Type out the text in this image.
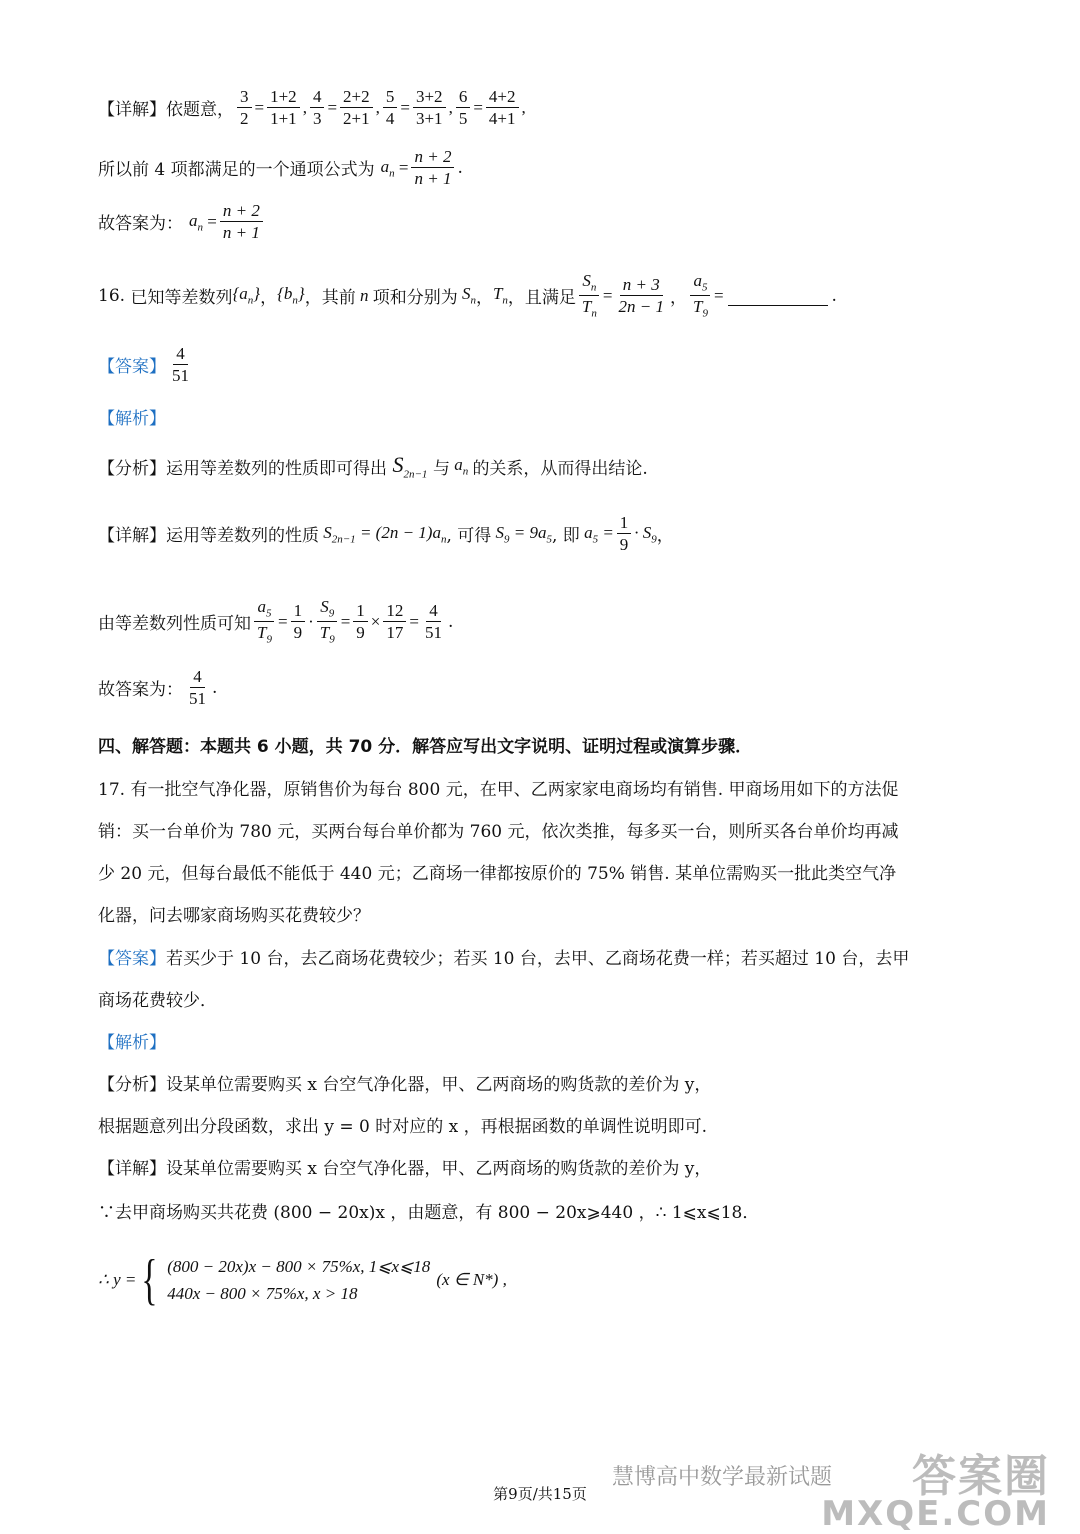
【详解】 依题意， $\frac{3}{2} = \frac{1+2}{1+1}$ , $\frac{4}{3} = \frac{2+2}{2+1}$ , $\frac{5}{4} = \frac{3+2}{3+1}$ , $\frac{6}{5} = \frac{4+2}{4+1}$ ,
所以前 4 项都满足的一个通项公式为 $a_n = \frac{n + 2}{n + 1}$ .
故答案为： $a_n = \frac{n + 2}{n + 1}$
16.
已知等差数列 $\{a_n\}$ ， $\{b_n\}$ ，其前 n 项和分别为 $S_n$ ， $T_n$ ，且满足 $\frac{S_n}{T_n} = \frac{n + 3}{2n - 1}$ ， $\frac{a_5}{T_9}$ =	.
【答案】 $\frac{4}{51}$
【解析】
【分析】 运用等差数列的性质即可得出 $S_{2n-1}$ 与 $a_n$ 的关系，从而得出结论.
【详解】 运用等差数列的性质 $S_{2n-1} = (2n - 1)a_n$ , 可得 $S_9 = 9a_5$ , 即 $a_5 = \frac{1}{9} \cdot S_9$ ，
由等差数列性质可知 $\frac{a_5}{T_9} = \frac{1}{9} \cdot \frac{S_9}{T_9} = \frac{1}{9} \times \frac{12}{17} = \frac{4}{51}$ .
故答案为： $\frac{4}{51}$ .
四、解答题：本题共 6 小题，共 70 分．解答应写出文字说明、证明过程或演算步骤．
17. 有一批空气净化器，原销售价为每台 800 元，在甲、乙两家家电商场均有销售. 甲商场用如下的方法促
销：买一台单价为 780 元，买两台每台单价都为 760 元，依次类推，每多买一台，则所买各台单价均再减
少 20 元，但每台最低不能低于 440 元；乙商场一律都按原价的 75% 销售. 某单位需购买一批此类空气净
化器，问去哪家商场购买花费较少？
【答案】 若买少于 10 台，去乙商场花费较少；若买 10 台，去甲、乙商场花费一样；若买超过 10 台，去甲
商场花费较少．
【解析】
【分析】 设某单位需要购买 x 台空气净化器，甲、乙两商场的购货款的差价为 y，
根据题意列出分段函数，求出 y = 0 时对应的 x ，再根据函数的单调性说明即可.
【详解】 设某单位需要购买 x 台空气净化器，甲、乙两商场的购货款的差价为 y，
∵去甲商场购买共花费 (800 − 20x)x ，由题意，有 800 − 20x⩾440 ，∴ 1⩽x⩽18．
∴ y = { (800 − 20x)x − 800 × 75%x, 1⩽x⩽18
440x − 800 × 75%x, x > 18
(x ∈ N*) ,
慧博高中数学最新试题 答案圈
MXQE.COM
第9页/共15页
